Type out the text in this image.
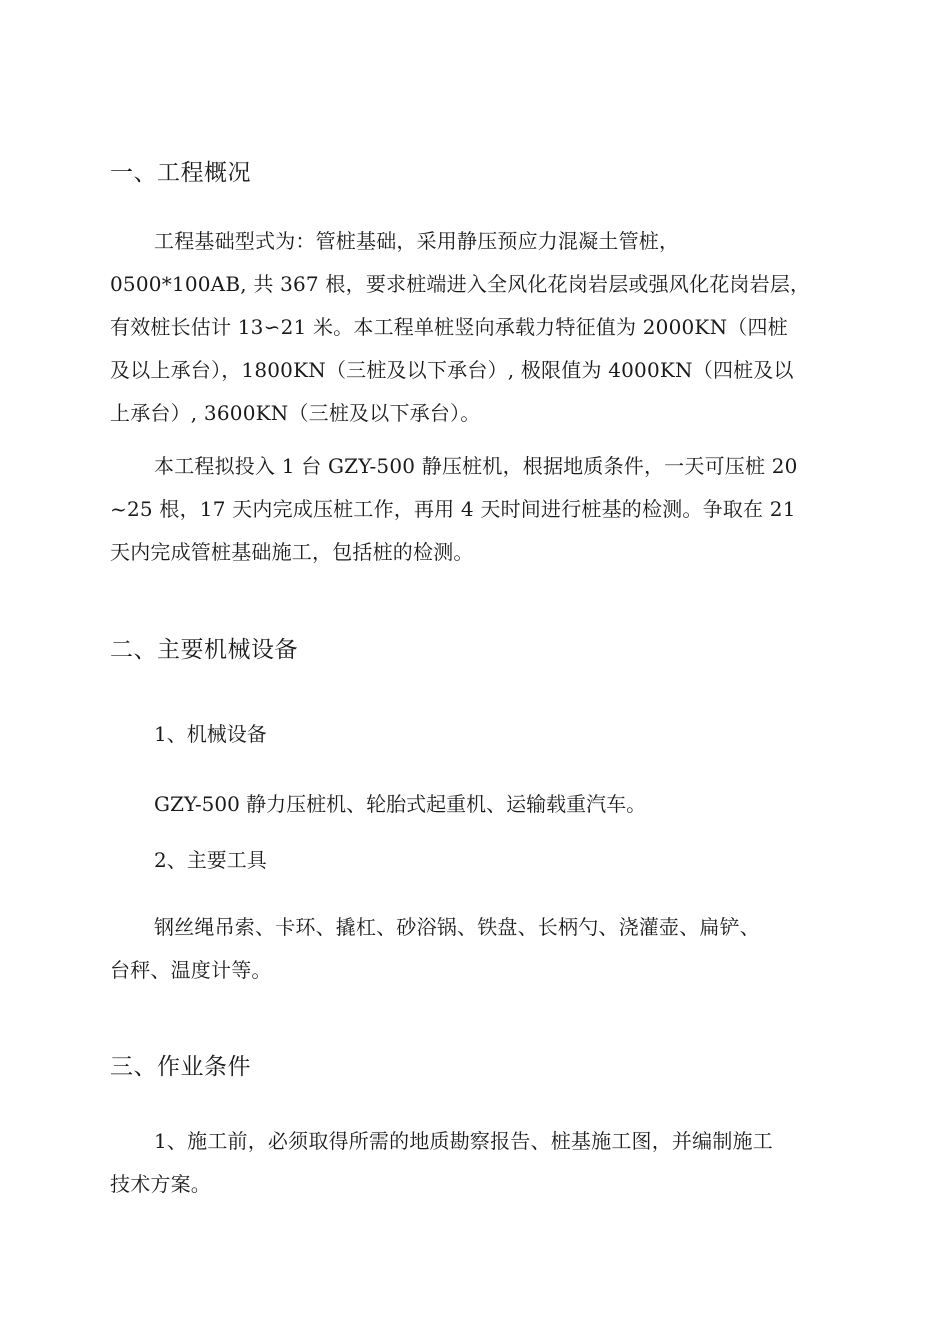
一、工程概况
工程基础型式为：管桩基础，采用静压预应力混凝土管桩，
0500*100AB, 共 367 根，要求桩端进入全风化花岗岩层或强风化花岗岩层，
有效桩长估计 13∽21 米。本工程单桩竖向承载力特征值为 2000KN（四桩
及以上承台），1800KN（三桩及以下承台）, 极限值为 4000KN（四桩及以
上承台）, 3600KN（三桩及以下承台）。
本工程拟投入 1 台 GZY-500 静压桩机，根据地质条件，一天可压桩 20
~25 根，17 天内完成压桩工作，再用 4 天时间进行桩基的检测。争取在 21
天内完成管桩基础施工，包括桩的检测。
二、主要机械设备
1、机械设备
GZY-500 静力压桩机、轮胎式起重机、运输载重汽车。
2、主要工具
钢丝绳吊索、卡环、撬杠、砂浴锅、铁盘、长柄勺、浇灌壶、扁铲、
台秤、温度计等。
三、作业条件
1、施工前，必须取得所需的地质勘察报告、桩基施工图，并编制施工
技术方案。
